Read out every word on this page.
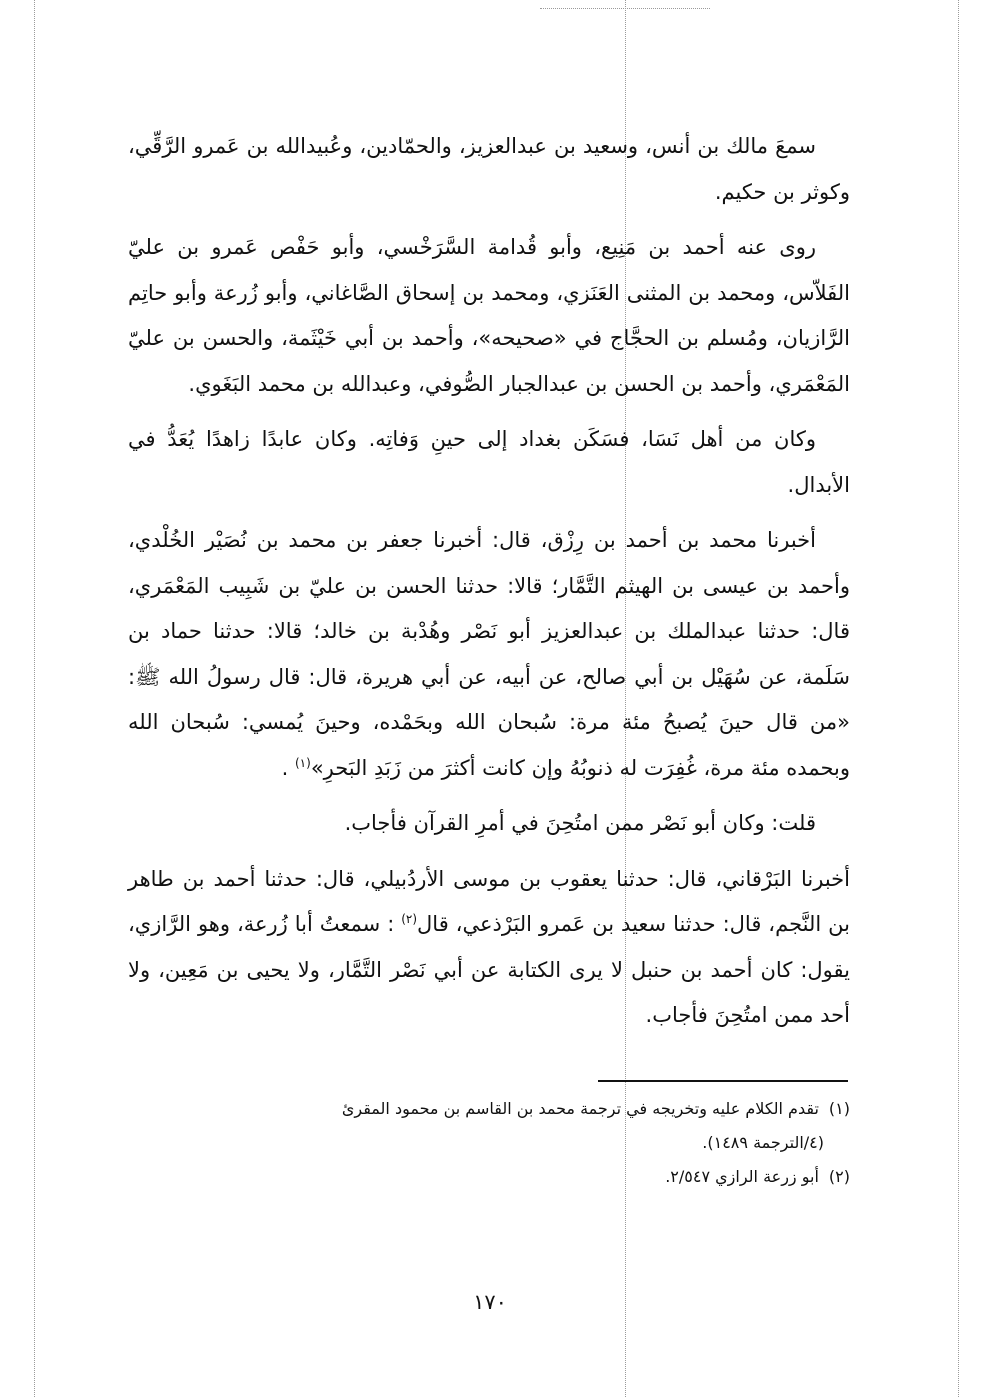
سمعَ مالك بن أنس، وسعيد بن عبدالعزيز، والحمّادين، وعُبيدالله بن عَمرو الرَّقِّي، وكوثر بن حكيم.

روى عنه أحمد بن مَنِيع، وأبو قُدامة السَّرَخْسي، وأبو حَفْص عَمرو بن عليّ الفَلاّس، ومحمد بن المثنى العَنَزي، ومحمد بن إسحاق الصَّاغاني، وأبو زُرعة وأبو حاتِم الرَّازيان، ومُسلم بن الحجَّاج في «صحيحه»، وأحمد بن أبي خَيْثَمة، والحسن بن عليّ المَعْمَري، وأحمد بن الحسن بن عبدالجبار الصُّوفي، وعبدالله بن محمد البَغَوي.

وكان من أهل نَسَا، فسَكَن بغداد إلى حينِ وَفاتِه. وكان عابدًا زاهدًا يُعَدُّ في الأبدال.

أخبرنا محمد بن أحمد بن رِزْق، قال: أخبرنا جعفر بن محمد بن نُصَيْر الخُلْدي، وأحمد بن عيسى بن الهيثم التَّمَّار؛ قالا: حدثنا الحسن بن عليّ بن شَبِيب المَعْمَري، قال: حدثنا عبدالملك بن عبدالعزيز أبو نَصْر وهُدْبة بن خالد؛ قالا: حدثنا حماد بن سَلَمة، عن سُهَيْل بن أبي صالح، عن أبيه، عن أبي هريرة، قال: قال رسولُ الله ﷺ: «من قال حينَ يُصبحُ مئة مرة: سُبحان الله وبحَمْده، وحينَ يُمسي: سُبحان الله وبحمده مئة مرة، غُفِرَت له ذنوبُهُ وإن كانت أكثرَ من زَبَدِ البَحرِ»$^{(١)}$ .

قلت: وكان أبو نَصْر ممن امتُحِنَ في أمرِ القرآن فأجاب.

أخبرنا البَرْقاني، قال: حدثنا يعقوب بن موسى الأردُبيلي، قال: حدثنا أحمد بن طاهر بن النَّجم، قال: حدثنا سعيد بن عَمرو البَرْذعي، قال$^{(٢)}$ : سمعتُ أبا زُرعة، وهو الرَّازي، يقول: كان أحمد بن حنبل لا يرى الكتابة عن أبي نَصْر التَّمَّار، ولا يحيى بن مَعِين، ولا أحد ممن امتُحِنَ فأجاب.

(١)تقدم الكلام عليه وتخريجه في ترجمة محمد بن القاسم بن محمود المقرئ

(٤/الترجمة ١٤٨٩).

(٢)أبو زرعة الرازي ٢/٥٤٧.

١٧٠
